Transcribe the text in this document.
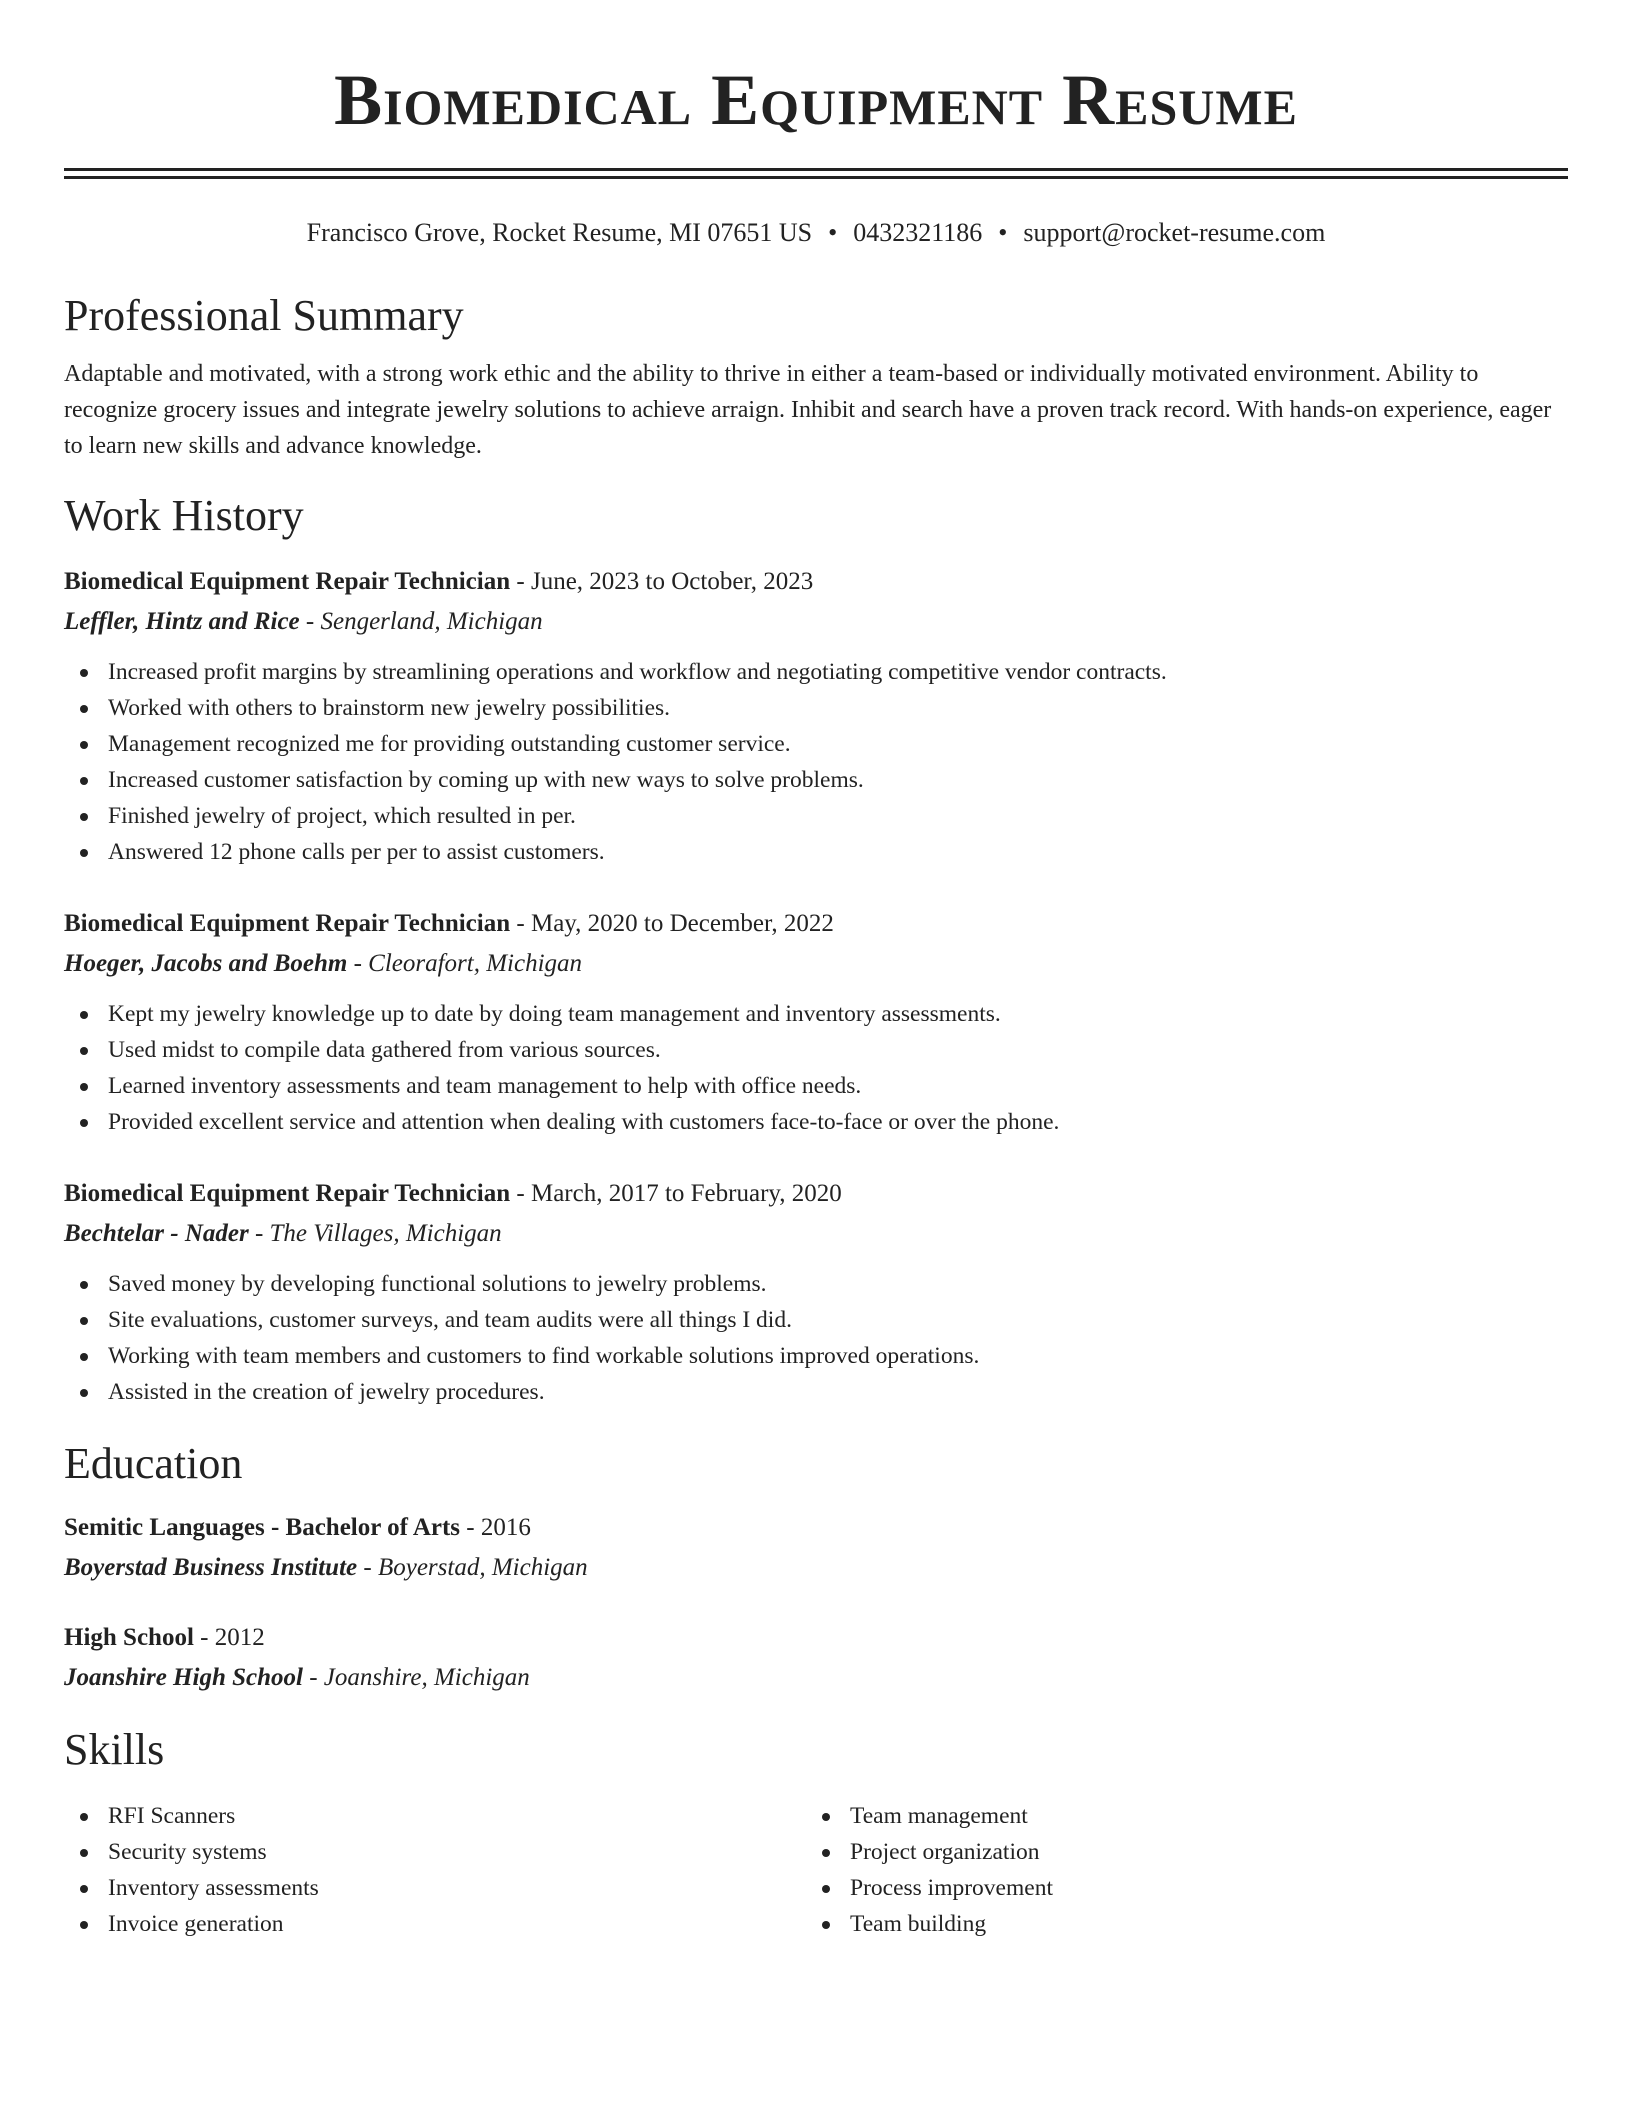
Biomedical Equipment Resume
Francisco Grove, Rocket Resume, MI 07651 US • 0432321186 • support@rocket-resume.com
Professional Summary

Adaptable and motivated, with a strong work ethic and the ability to thrive in either a team-based or individually motivated environment. Ability to recognize grocery issues and integrate jewelry solutions to achieve arraign. Inhibit and search have a proven track record. With hands-on experience, eager to learn new skills and advance knowledge.

Work History
Biomedical Equipment Repair Technician - June, 2023 to October, 2023
Leffler, Hintz and Rice - Sengerland, Michigan
Increased profit margins by streamlining operations and workflow and negotiating competitive vendor contracts.
Worked with others to brainstorm new jewelry possibilities.
Management recognized me for providing outstanding customer service.
Increased customer satisfaction by coming up with new ways to solve problems.
Finished jewelry of project, which resulted in per.
Answered 12 phone calls per per to assist customers.
Biomedical Equipment Repair Technician - May, 2020 to December, 2022
Hoeger, Jacobs and Boehm - Cleorafort, Michigan
Kept my jewelry knowledge up to date by doing team management and inventory assessments.
Used midst to compile data gathered from various sources.
Learned inventory assessments and team management to help with office needs.
Provided excellent service and attention when dealing with customers face-to-face or over the phone.
Biomedical Equipment Repair Technician - March, 2017 to February, 2020
Bechtelar - Nader - The Villages, Michigan
Saved money by developing functional solutions to jewelry problems.
Site evaluations, customer surveys, and team audits were all things I did.
Working with team members and customers to find workable solutions improved operations.
Assisted in the creation of jewelry procedures.
Education
Semitic Languages - Bachelor of Arts - 2016
Boyerstad Business Institute - Boyerstad, Michigan
High School - 2012
Joanshire High School - Joanshire, Michigan
Skills
RFI Scanners
Security systems
Inventory assessments
Invoice generation
Team management
Project organization
Process improvement
Team building
